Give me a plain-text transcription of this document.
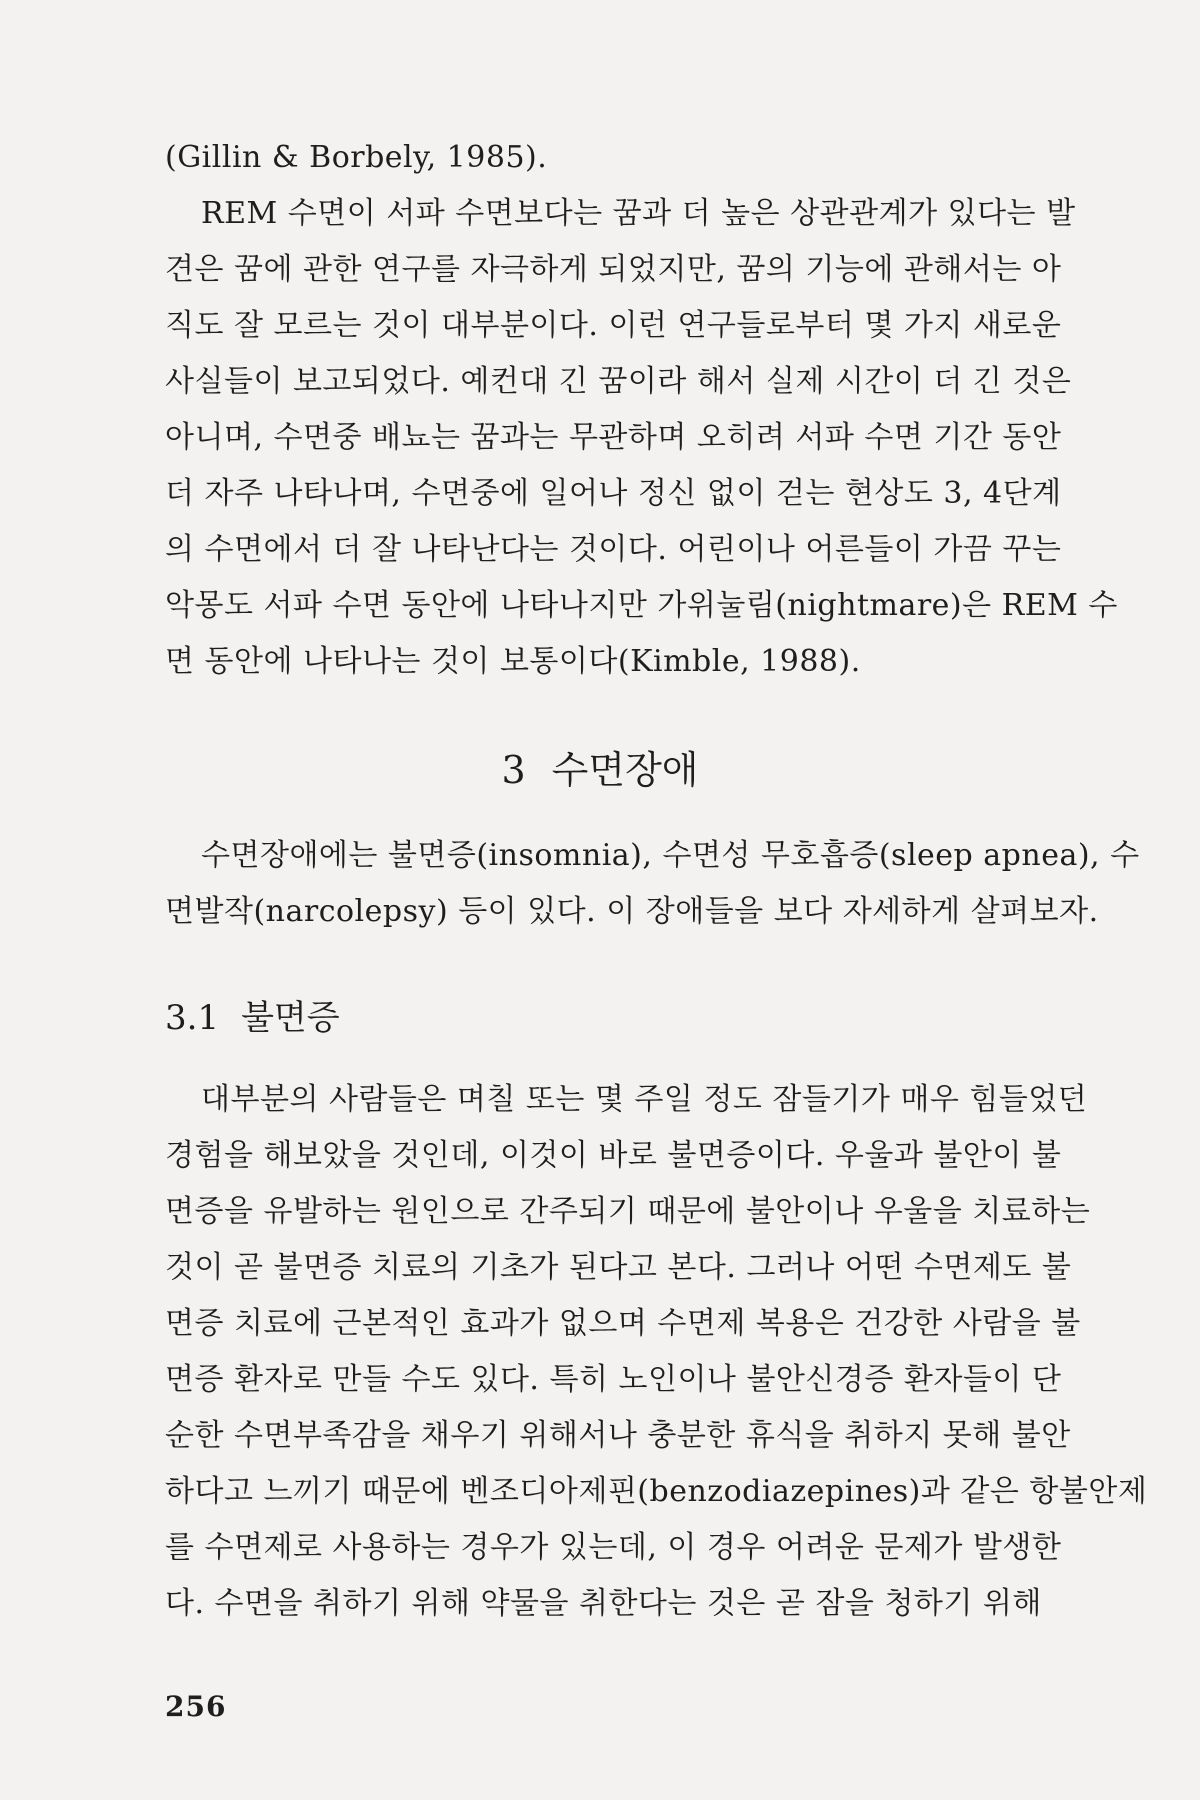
(Gillin & Borbely, 1985).
REM 수면이 서파 수면보다는 꿈과 더 높은 상관관계가 있다는 발
견은 꿈에 관한 연구를 자극하게 되었지만, 꿈의 기능에 관해서는 아
직도 잘 모르는 것이 대부분이다. 이런 연구들로부터 몇 가지 새로운
사실들이 보고되었다. 예컨대 긴 꿈이라 해서 실제 시간이 더 긴 것은
아니며, 수면중 배뇨는 꿈과는 무관하며 오히려 서파 수면 기간 동안
더 자주 나타나며, 수면중에 일어나 정신 없이 걷는 현상도 3, 4단계
의 수면에서 더 잘 나타난다는 것이다. 어린이나 어른들이 가끔 꾸는
악몽도 서파 수면 동안에 나타나지만 가위눌림(nightmare)은 REM 수
면 동안에 나타나는 것이 보통이다(Kimble, 1988).
3 수면장애
수면장애에는 불면증(insomnia), 수면성 무호흡증(sleep apnea), 수
면발작(narcolepsy) 등이 있다. 이 장애들을 보다 자세하게 살펴보자.
3.1 불면증
대부분의 사람들은 며칠 또는 몇 주일 정도 잠들기가 매우 힘들었던
경험을 해보았을 것인데, 이것이 바로 불면증이다. 우울과 불안이 불
면증을 유발하는 원인으로 간주되기 때문에 불안이나 우울을 치료하는
것이 곧 불면증 치료의 기초가 된다고 본다. 그러나 어떤 수면제도 불
면증 치료에 근본적인 효과가 없으며 수면제 복용은 건강한 사람을 불
면증 환자로 만들 수도 있다. 특히 노인이나 불안신경증 환자들이 단
순한 수면부족감을 채우기 위해서나 충분한 휴식을 취하지 못해 불안
하다고 느끼기 때문에 벤조디아제핀(benzodiazepines)과 같은 항불안제
를 수면제로 사용하는 경우가 있는데, 이 경우 어려운 문제가 발생한
다. 수면을 취하기 위해 약물을 취한다는 것은 곧 잠을 청하기 위해
256
